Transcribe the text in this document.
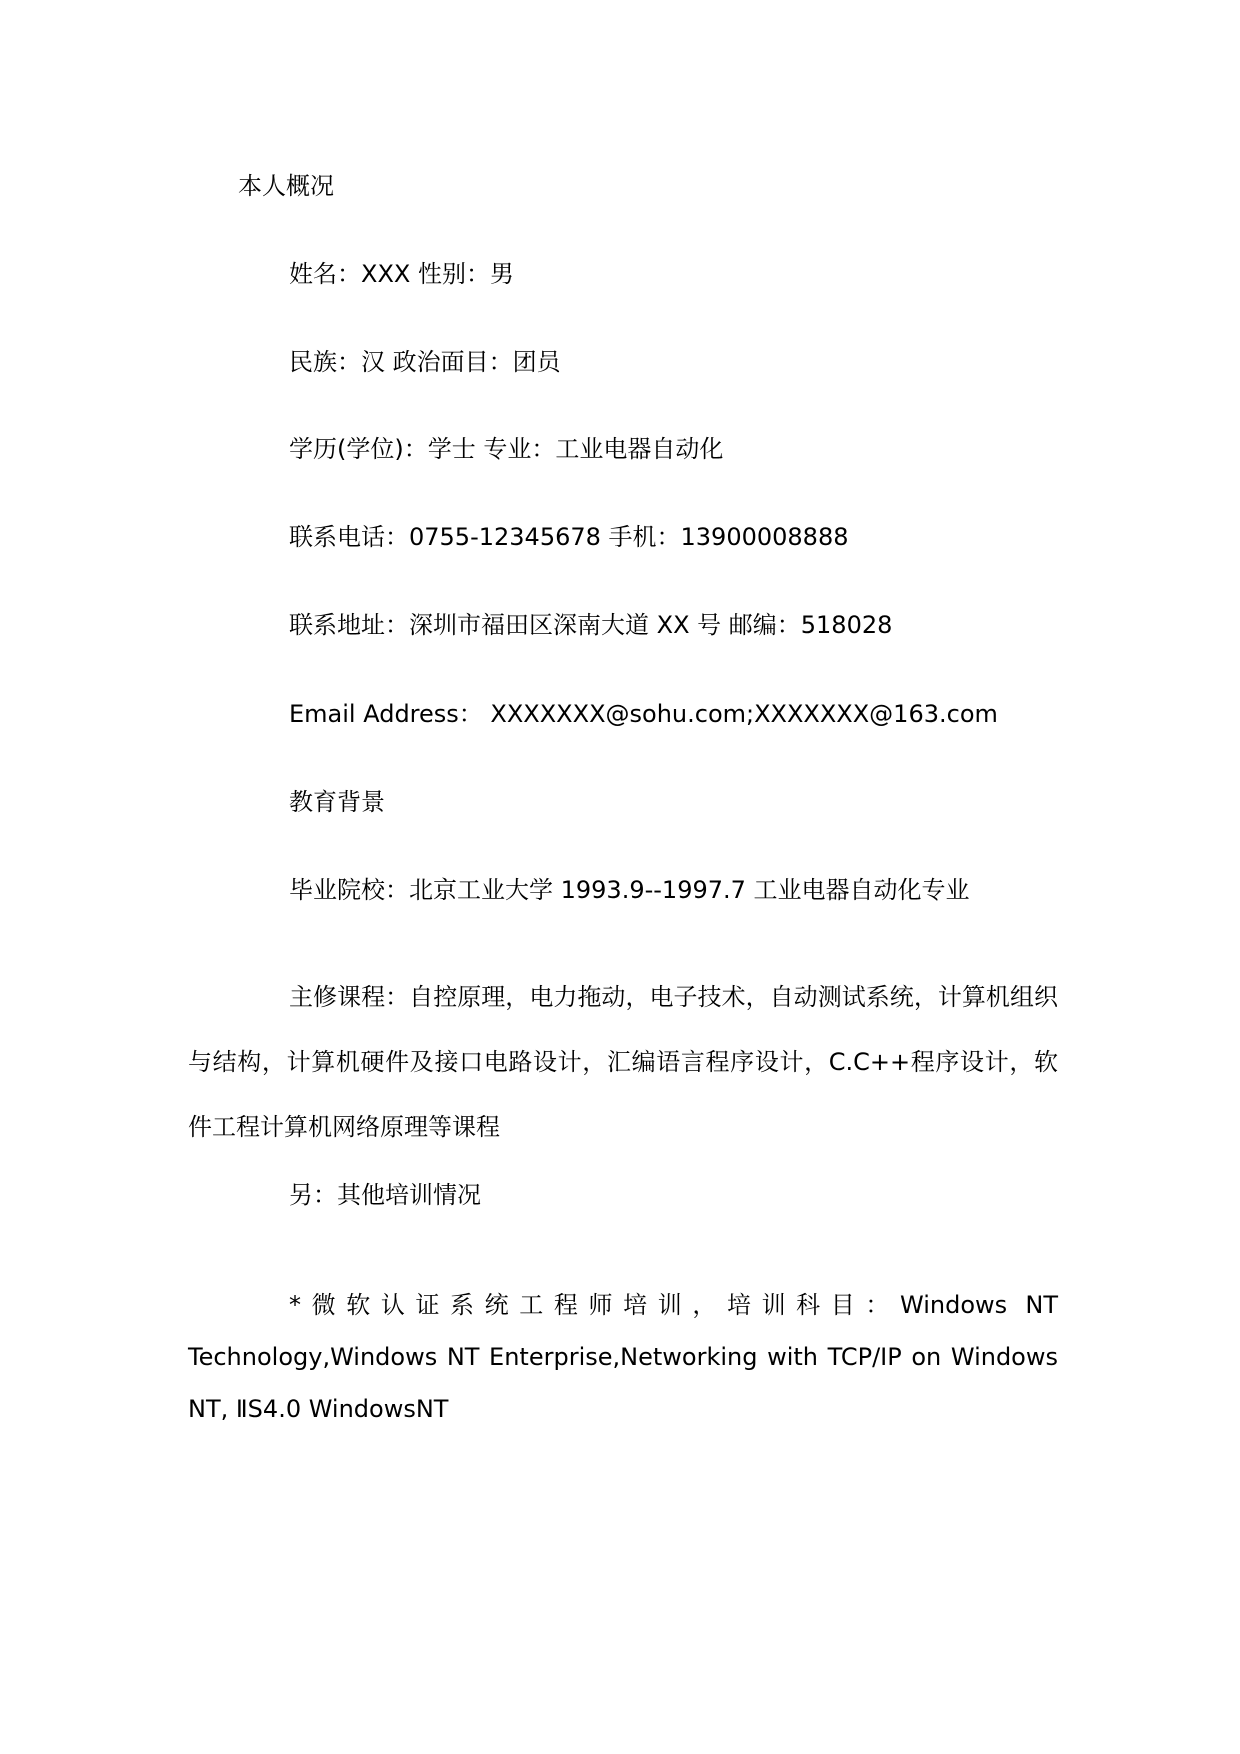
本人概况
姓名：XXX 性别：男
民族：汉 政治面目：团员
学历(学位)：学士 专业：工业电器自动化
联系电话：0755-12345678 手机：13900008888
联系地址：深圳市福田区深南大道 XX 号 邮编：518028
Email Address： XXXXXXX@sohu.com;XXXXXXX@163.com
教育背景
毕业院校：北京工业大学 1993.9--1997.7 工业电器自动化专业
主修课程：自控原理，电力拖动，电子技术，自动测试系统，计算机组织与结构，计算机硬件及接口电路设计，汇编语言程序设计，C.C++程序设计，软件工程计算机网络原理等课程
另：其他培训情况
*微软认证系统工程师培训，培训科目：Windows NT Technology,Windows NT Enterprise,Networking with TCP/IP on Windows NT, ⅡS4.0 WindowsNT
